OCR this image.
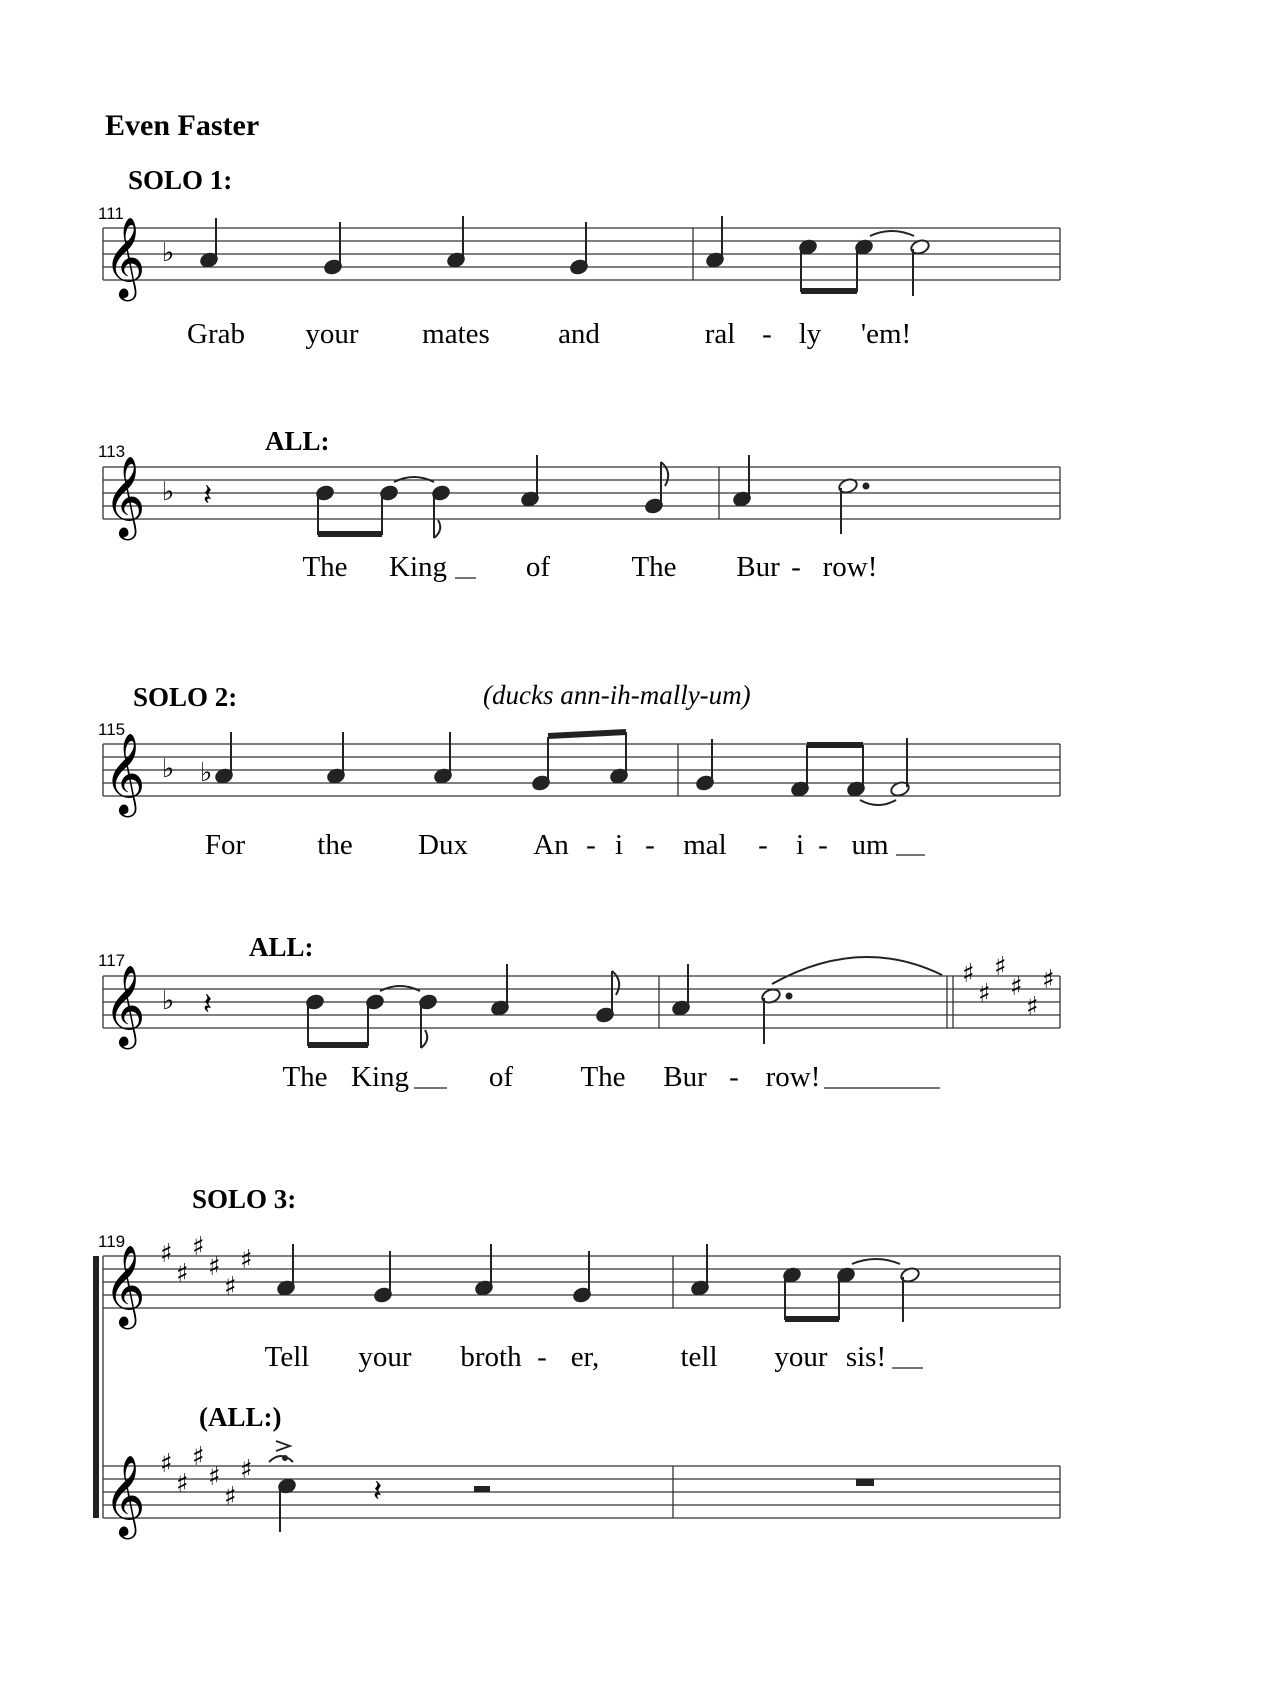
Even Faster
SOLO 1:
111
𝄞 ♭
Grab your mates and	ral - ly 'em!
ALL:
113
𝄞 ♭ 𝄽
The King	of	The Bur - row!
SOLO 2:	(ducks ann-ih-mally-um)
115
𝄞 ♭ ♭
For the Dux An - i - mal - i - um
ALL:
117
𝄞 ♭ 𝄽
♯
♯
♯
♯
♯
♯
The King	of The Bur - row!
SOLO 3:
119
𝄞 ♯
♯
♯
♯
♯
♯
Tell your broth - er,	tell your sis!
(ALL:)
𝄞 ♯
♯
♯
♯
♯
♯
𝄽
